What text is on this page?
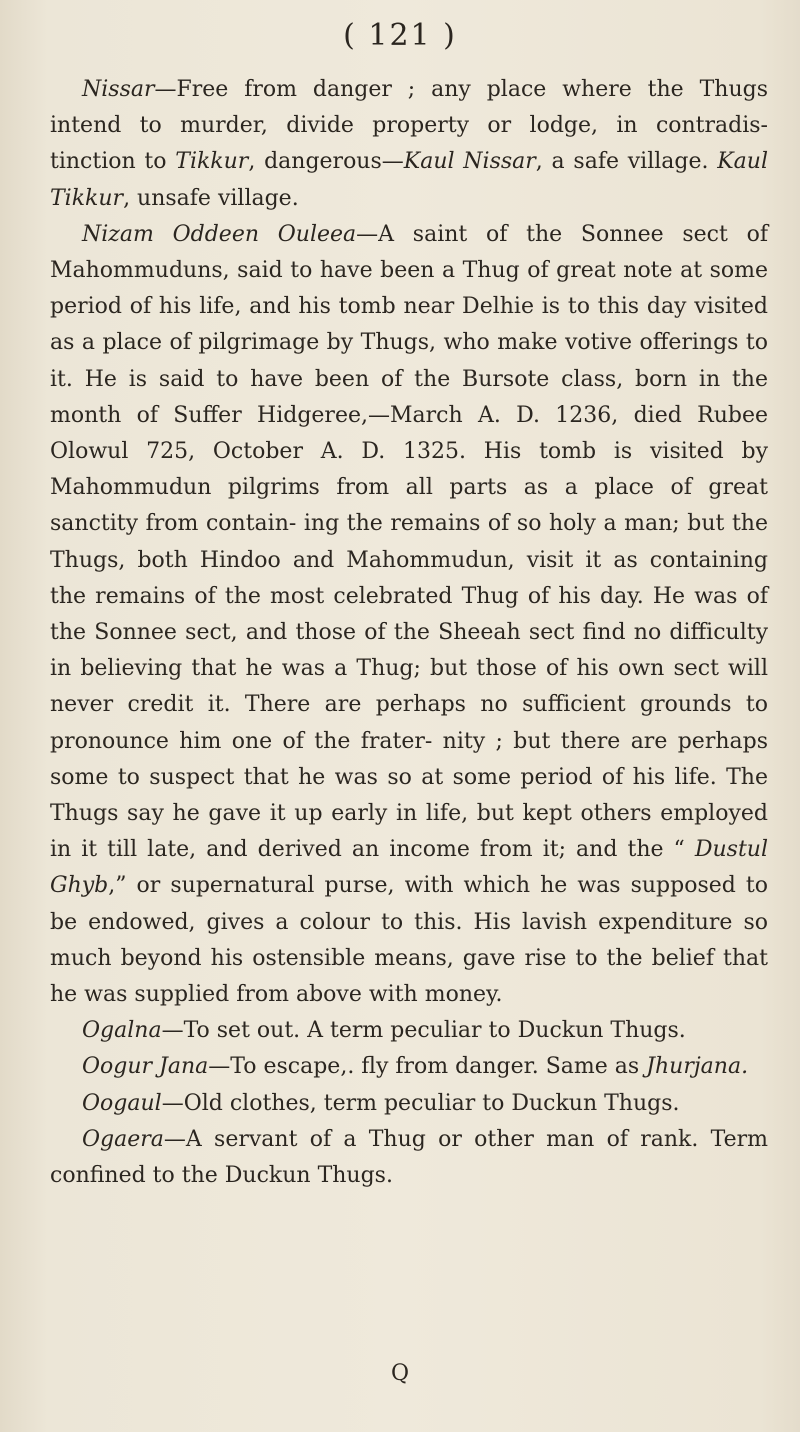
( 121 )

Nissar—Free from danger ; any place where the Thugs intend to murder, divide property or lodge, in contradis- tinction to Tikkur, dangerous—Kaul Nissar, a safe village. Kaul Tikkur, unsafe village.

Nizam Oddeen Ouleea—A saint of the Sonnee sect of Mahommuduns, said to have been a Thug of great note at some period of his life, and his tomb near Delhie is to this day visited as a place of pilgrimage by Thugs, who make votive offerings to it. He is said to have been of the Bursote class, born in the month of Suffer Hidgeree,—March A. D. 1236, died Rubee Olowul 725, October A. D. 1325. His tomb is visited by Mahommudun pilgrims from all parts as a place of great sanctity from contain- ing the remains of so holy a man; but the Thugs, both Hindoo and Mahommudun, visit it as containing the remains of the most celebrated Thug of his day. He was of the Sonnee sect, and those of the Sheeah sect find no difficulty in believing that he was a Thug; but those of his own sect will never credit it. There are perhaps no sufficient grounds to pronounce him one of the frater- nity ; but there are perhaps some to suspect that he was so at some period of his life. The Thugs say he gave it up early in life, but kept others employed in it till late, and derived an income from it; and the “ Dustul Ghyb,” or supernatural purse, with which he was supposed to be endowed, gives a colour to this. His lavish expenditure so much beyond his ostensible means, gave rise to the belief that he was supplied from above with money.

Ogalna—To set out. A term peculiar to Duckun Thugs.

Oogur Jana—To escape,. fly from danger. Same as Jhurjana.

Oogaul—Old clothes, term peculiar to Duckun Thugs.

Ogaera—A servant of a Thug or other man of rank. Term confined to the Duckun Thugs.

Q
